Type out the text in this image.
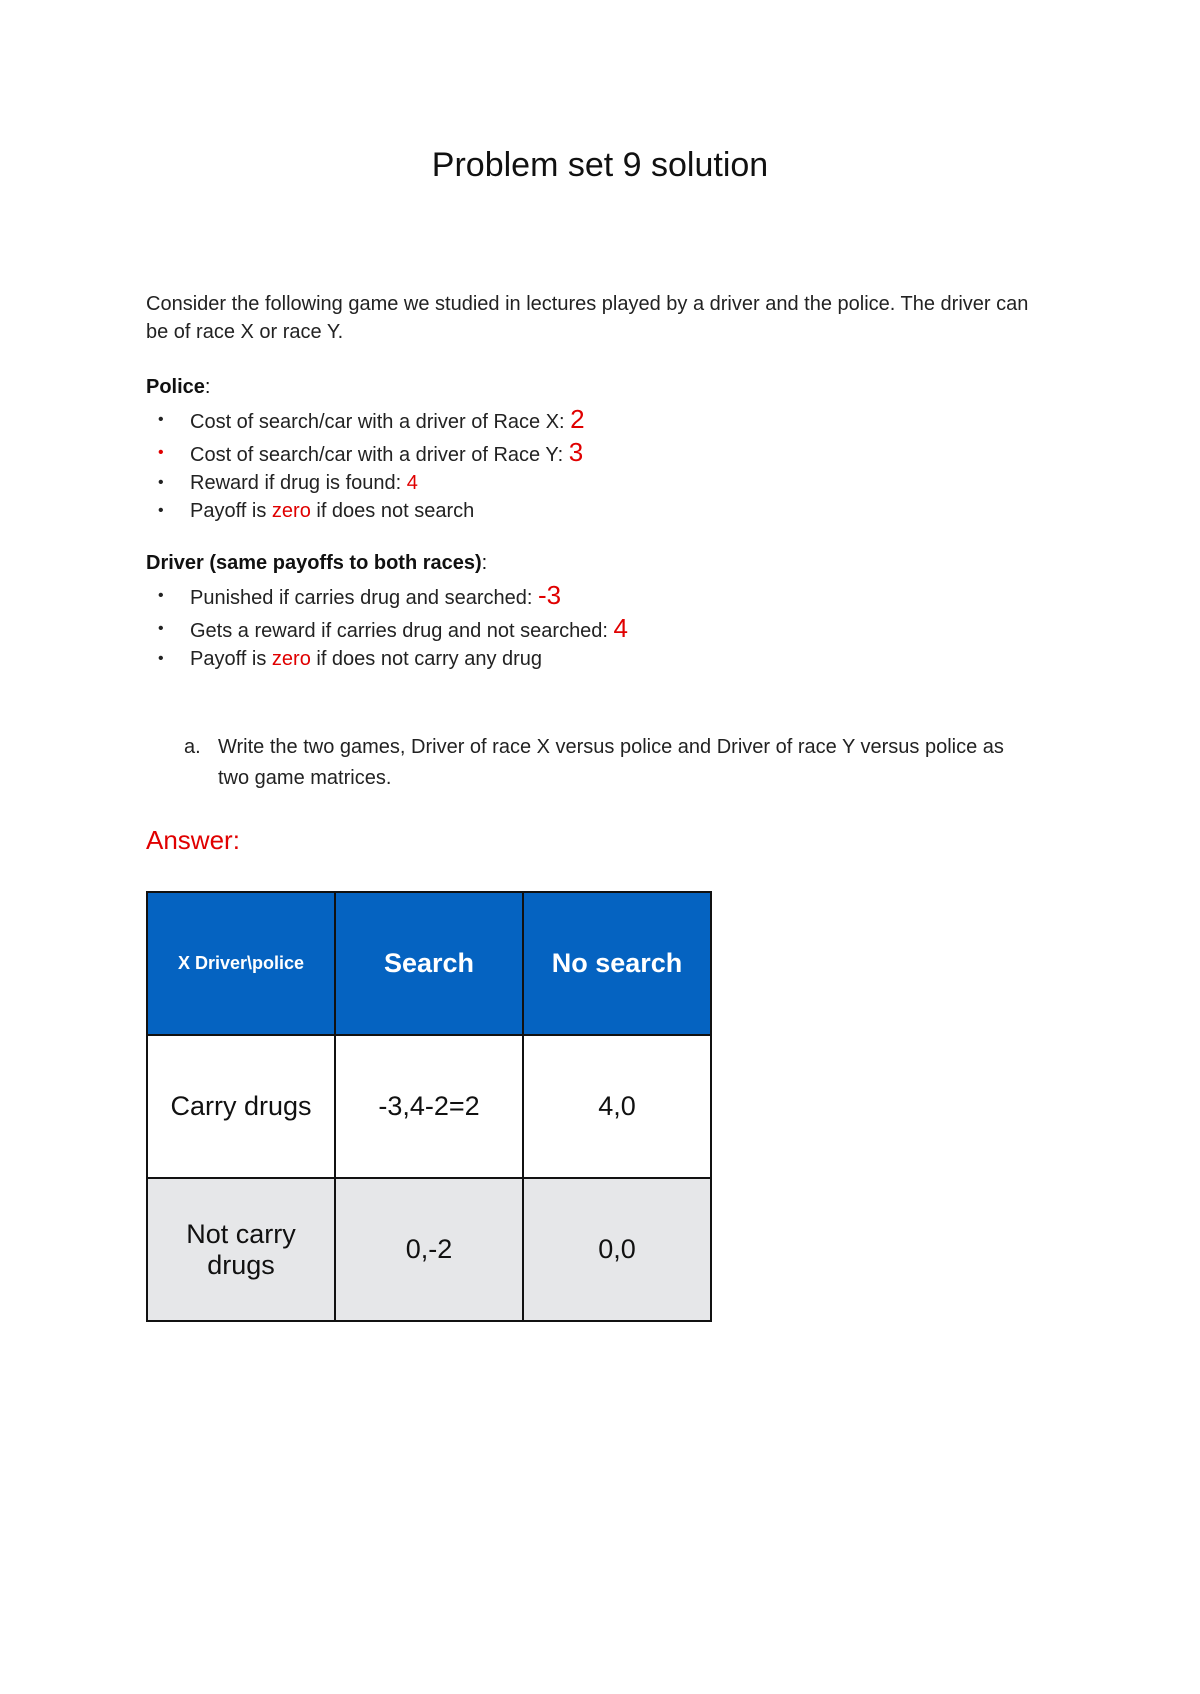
Problem set 9 solution
Consider the following game we studied in lectures played by a driver and the police. The driver can be of race X or race Y.
Police:
• Cost of search/car with a driver of Race X: 2
• Cost of search/car with a driver of Race Y: 3
• Reward if drug is found: 4
• Payoff is zero if does not search
Driver (same payoffs to both races):
• Punished if carries drug and searched: -3
• Gets a reward if carries drug and not searched: 4
• Payoff is zero if does not carry any drug
a. Write the two games, Driver of race X versus police and Driver of race Y versus police as two game matrices.
Answer:
X Driver\police	Search	No search
Carry drugs	-3,4-2=2	4,0
Not carry drugs	0,-2	0,0
